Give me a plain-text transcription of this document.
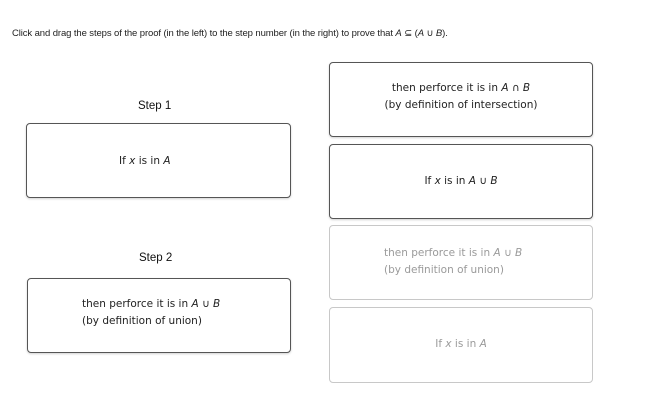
Click and drag the steps of the proof (in the left) to the step number (in the right) to prove that A ⊆ (A ∪ B).
Step 1
If x is in A
Step 2
then perforce it is in A ∪ B
(by definition of union)
then perforce it is in A ∩ B
(by definition of intersection)
If x is in A ∪ B
then perforce it is in A ∪ B
(by definition of union)
If x is in A
